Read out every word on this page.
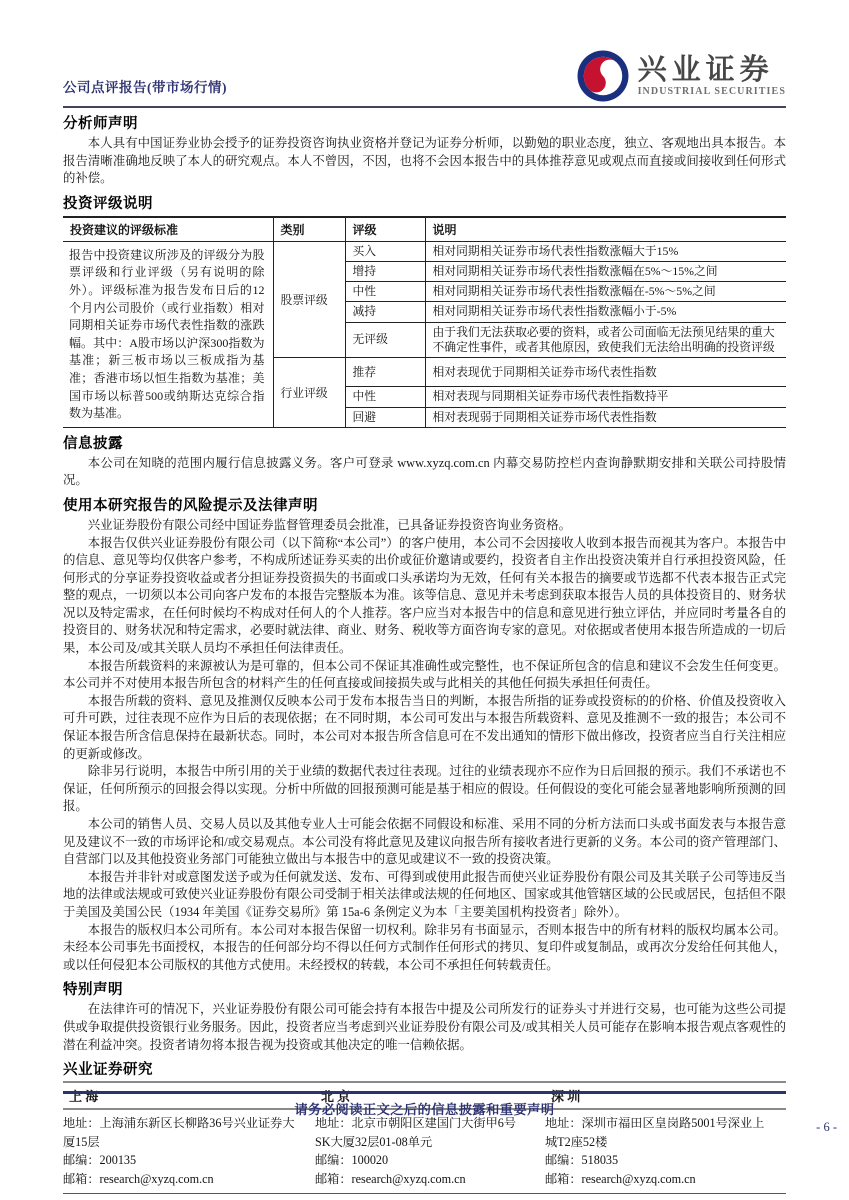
公司点评报告(带市场行情)
兴业证券
INDUSTRIAL SECURITIES
分析师声明

本人具有中国证券业协会授予的证券投资咨询执业资格并登记为证券分析师，以勤勉的职业态度，独立、客观地出具本报告。本报告清晰准确地反映了本人的研究观点。本人不曾因，不因，也将不会因本报告中的具体推荐意见或观点而直接或间接收到任何形式的补偿。

投资评级说明
投资建议的评级标准	类别	评级	说明
报告中投资建议所涉及的评级分为股票评级和行业评级（另有说明的除外）。评级标准为报告发布日后的12个月内公司股价（或行业指数）相对同期相关证券市场代表性指数的涨跌幅。其中：A股市场以沪深300指数为基准；新三板市场以三板成指为基准；香港市场以恒生指数为基准；美国市场以标普500或纳斯达克综合指数为基准。	股票评级	买入	相对同期相关证券市场代表性指数涨幅大于15%
		增持	相对同期相关证券市场代表性指数涨幅在5%～15%之间
		中性	相对同期相关证券市场代表性指数涨幅在-5%～5%之间
		减持	相对同期相关证券市场代表性指数涨幅小于-5%
		无评级	由于我们无法获取必要的资料，或者公司面临无法预见结果的重大不确定性事件，或者其他原因，致使我们无法给出明确的投资评级
	行业评级	推荐	相对表现优于同期相关证券市场代表性指数
		中性	相对表现与同期相关证券市场代表性指数持平
		回避	相对表现弱于同期相关证券市场代表性指数
信息披露

本公司在知晓的范围内履行信息披露义务。客户可登录 www.xyzq.com.cn 内幕交易防控栏内查询静默期安排和关联公司持股情况。

使用本研究报告的风险提示及法律声明

兴业证券股份有限公司经中国证券监督管理委员会批准，已具备证券投资咨询业务资格。

本报告仅供兴业证券股份有限公司（以下简称“本公司”）的客户使用，本公司不会因接收人收到本报告而视其为客户。本报告中的信息、意见等均仅供客户参考，不构成所述证券买卖的出价或征价邀请或要约，投资者自主作出投资决策并自行承担投资风险，任何形式的分享证券投资收益或者分担证券投资损失的书面或口头承诺均为无效，任何有关本报告的摘要或节选都不代表本报告正式完整的观点，一切须以本公司向客户发布的本报告完整版本为准。该等信息、意见并未考虑到获取本报告人员的具体投资目的、财务状况以及特定需求，在任何时候均不构成对任何人的个人推荐。客户应当对本报告中的信息和意见进行独立评估，并应同时考量各自的投资目的、财务状况和特定需求，必要时就法律、商业、财务、税收等方面咨询专家的意见。对依据或者使用本报告所造成的一切后果，本公司及/或其关联人员均不承担任何法律责任。

本报告所载资料的来源被认为是可靠的，但本公司不保证其准确性或完整性，也不保证所包含的信息和建议不会发生任何变更。本公司并不对使用本报告所包含的材料产生的任何直接或间接损失或与此相关的其他任何损失承担任何责任。

本报告所载的资料、意见及推测仅反映本公司于发布本报告当日的判断，本报告所指的证券或投资标的的价格、价值及投资收入可升可跌，过往表现不应作为日后的表现依据；在不同时期，本公司可发出与本报告所载资料、意见及推测不一致的报告；本公司不保证本报告所含信息保持在最新状态。同时，本公司对本报告所含信息可在不发出通知的情形下做出修改，投资者应当自行关注相应的更新或修改。

除非另行说明，本报告中所引用的关于业绩的数据代表过往表现。过往的业绩表现亦不应作为日后回报的预示。我们不承诺也不保证，任何所预示的回报会得以实现。分析中所做的回报预测可能是基于相应的假设。任何假设的变化可能会显著地影响所预测的回报。

本公司的销售人员、交易人员以及其他专业人士可能会依据不同假设和标准、采用不同的分析方法而口头或书面发表与本报告意见及建议不一致的市场评论和/或交易观点。本公司没有将此意见及建议向报告所有接收者进行更新的义务。本公司的资产管理部门、自营部门以及其他投资业务部门可能独立做出与本报告中的意见或建议不一致的投资决策。

本报告并非针对或意图发送予或为任何就发送、发布、可得到或使用此报告而使兴业证券股份有限公司及其关联子公司等违反当地的法律或法规或可致使兴业证券股份有限公司受制于相关法律或法规的任何地区、国家或其他管辖区域的公民或居民，包括但不限于美国及美国公民（1934 年美国《证券交易所》第 15a-6 条例定义为本「主要美国机构投资者」除外）。

本报告的版权归本公司所有。本公司对本报告保留一切权利。除非另有书面显示，否则本报告中的所有材料的版权均属本公司。未经本公司事先书面授权，本报告的任何部分均不得以任何方式制作任何形式的拷贝、复印件或复制品，或再次分发给任何其他人，或以任何侵犯本公司版权的其他方式使用。未经授权的转载，本公司不承担任何转载责任。

特别声明

在法律许可的情况下，兴业证券股份有限公司可能会持有本报告中提及公司所发行的证券头寸并进行交易，也可能为这些公司提供或争取提供投资银行业务服务。因此，投资者应当考虑到兴业证券股份有限公司及/或其相关人员可能存在影响本报告观点客观性的潜在利益冲突。投资者请勿将本报告视为投资或其他决定的唯一信赖依据。

兴业证券研究
上 海	北 京	深 圳

地址：上海浦东新区长柳路36号兴业证券大厦15层
邮编：200135
邮箱：research@xyzq.com.cn

地址：北京市朝阳区建国门大街甲6号SK大厦32层01-08单元
邮编：100020
邮箱：research@xyzq.com.cn

地址：深圳市福田区皇岗路5001号深业上城T2座52楼
邮编：518035
邮箱：research@xyzq.com.cn
请务必阅读正文之后的信息披露和重要声明
- 6 -
